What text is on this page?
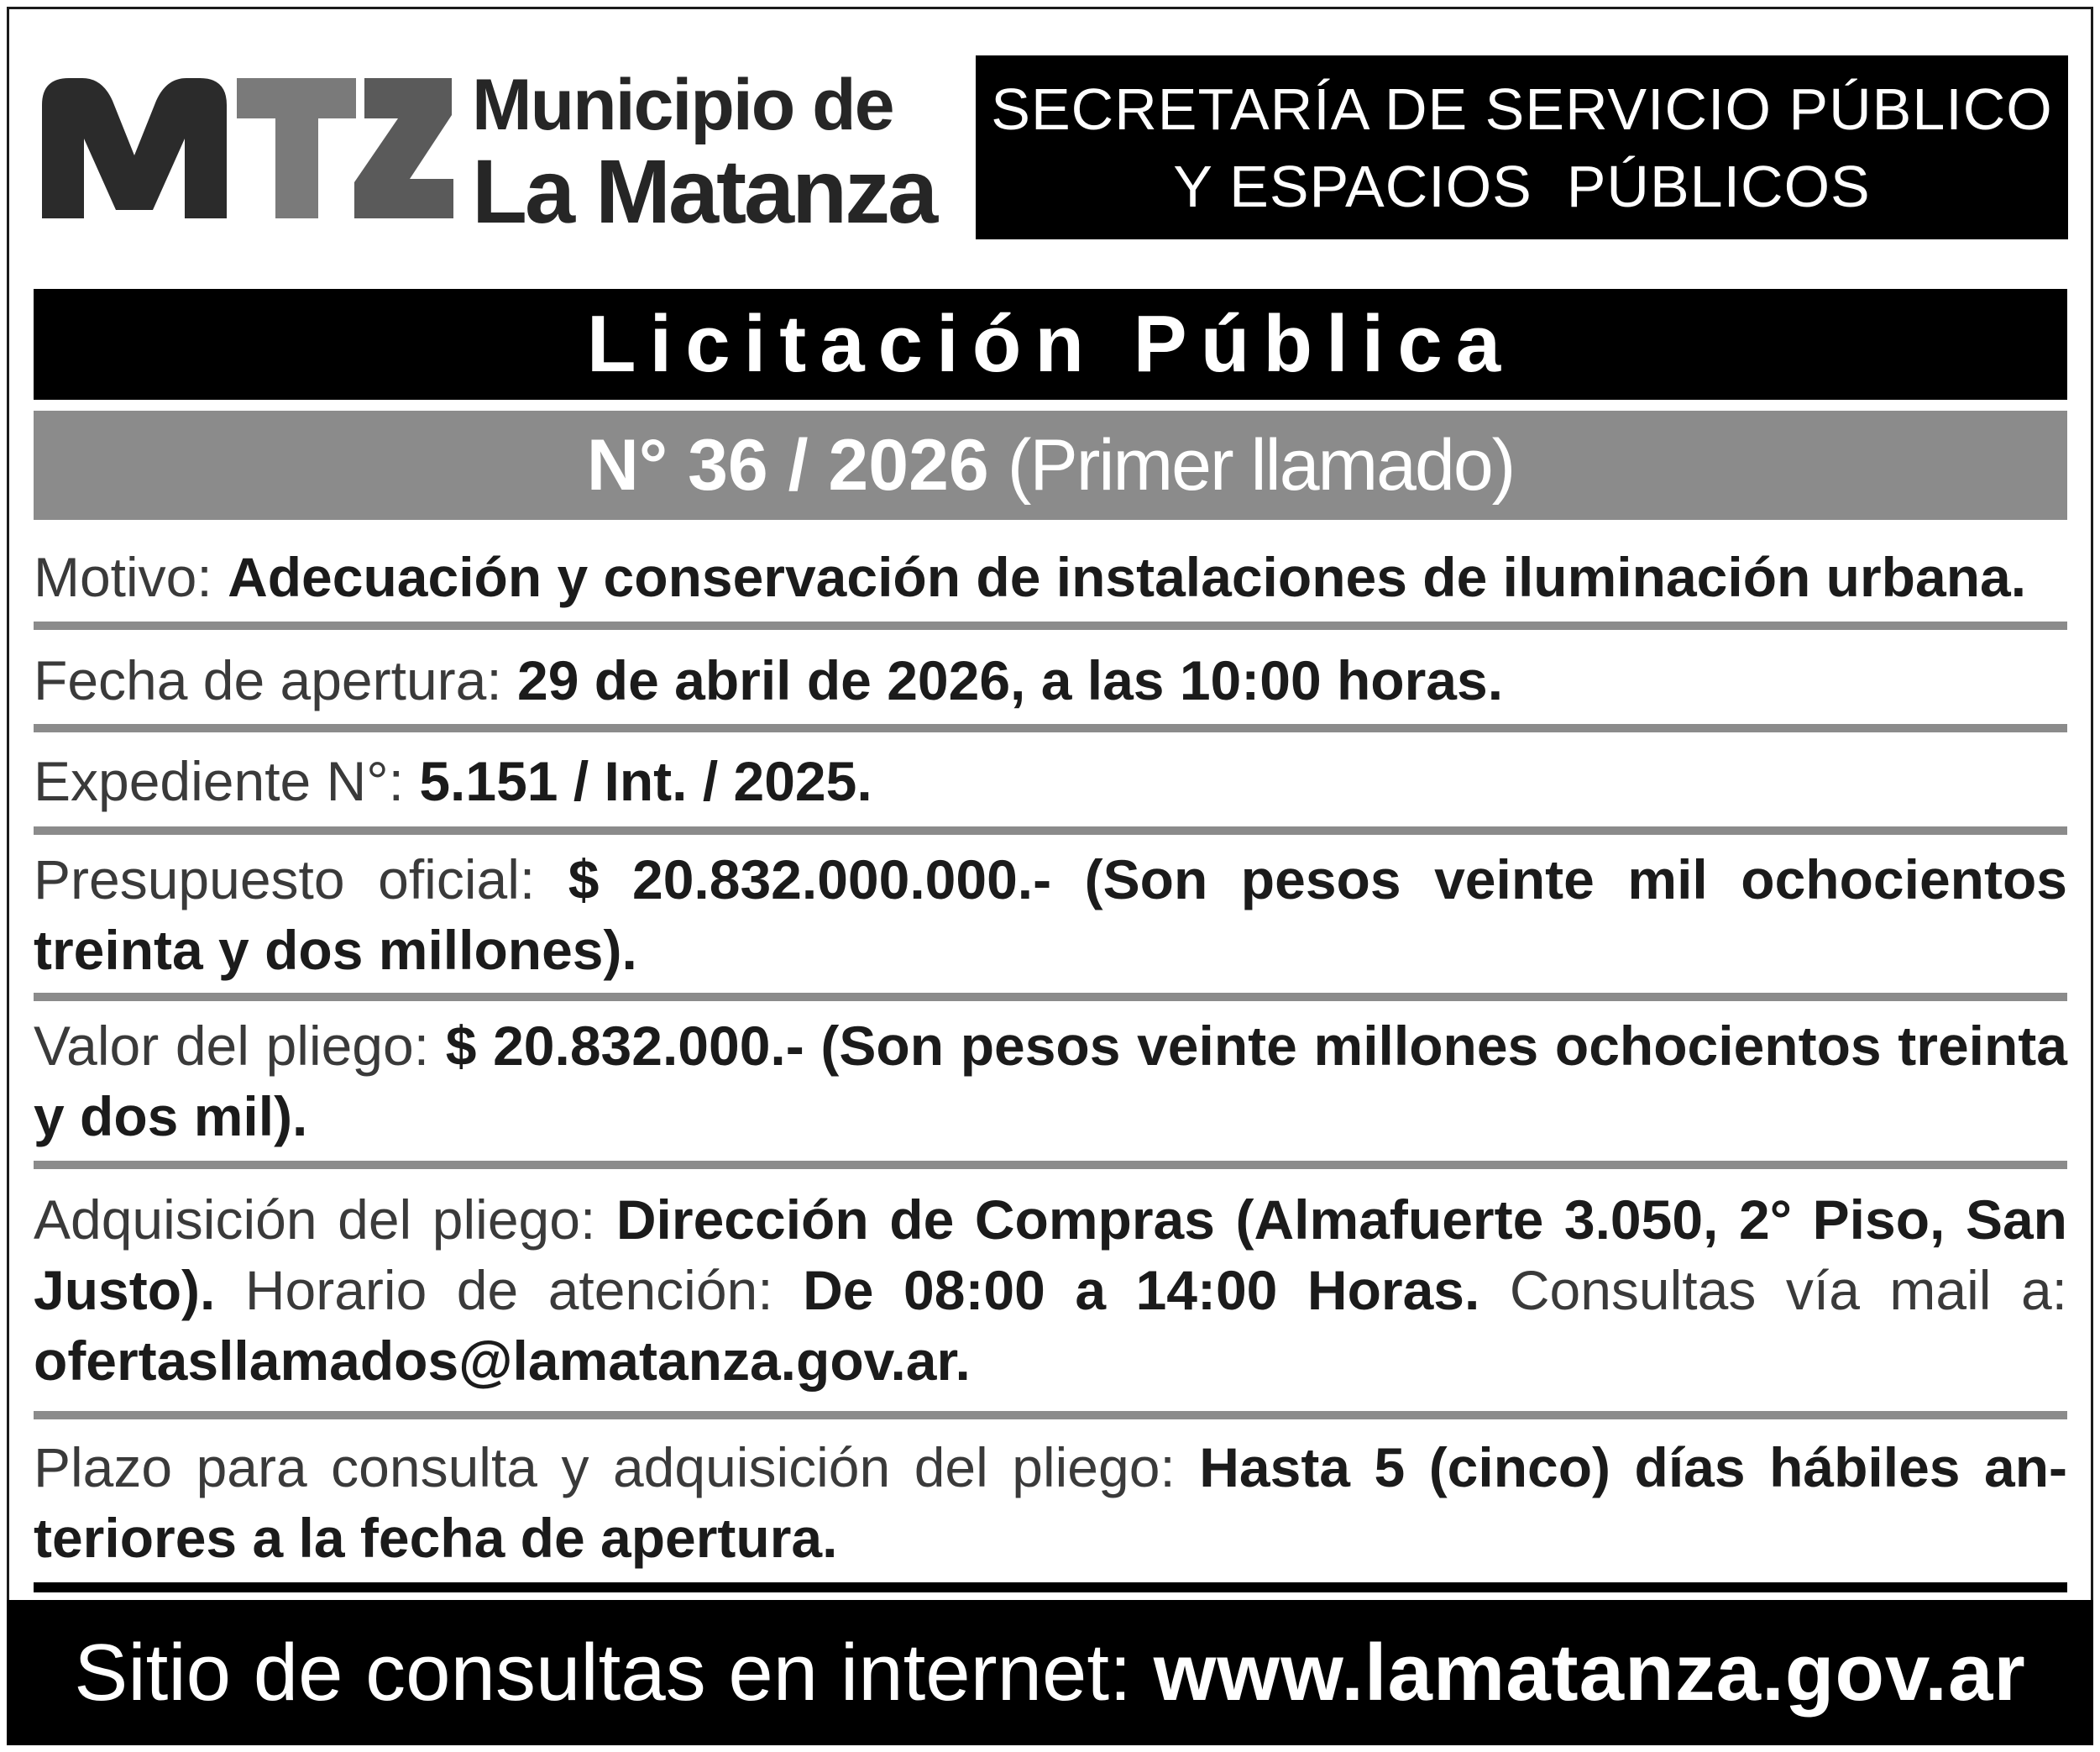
Municipio de
La Matanza
SECRETARÍA DE SERVICIO PÚBLICO
Y ESPACIOS  PÚBLICOS
Licitación Pública
N° 36 / 2026 (Primer llamado)
Motivo: Adecuación y conservación de instalaciones de iluminación urbana.
Fecha de apertura: 29 de abril de 2026, a las 10:00 horas.
Expediente N°: 5.151 / Int. / 2025.
Presupuesto oficial: $ 20.832.000.000.- (Son pesos veinte mil ochocientos treinta y dos millones).
Valor del pliego: $ 20.832.000.- (Son pesos veinte millones ochocientos treinta y dos mil).
Adquisición del pliego: Dirección de Compras (Almafuerte 3.050, 2° Piso, San Justo). Horario de atención: De 08:00 a 14:00 Horas. Consultas vía mail a: ofertasllamados@lamatanza.gov.ar.
Plazo para consulta y adquisición del pliego: Hasta 5 (cinco) días hábiles an-teriores a la fecha de apertura.
Sitio de consultas en internet: www.lamatanza.gov.ar
